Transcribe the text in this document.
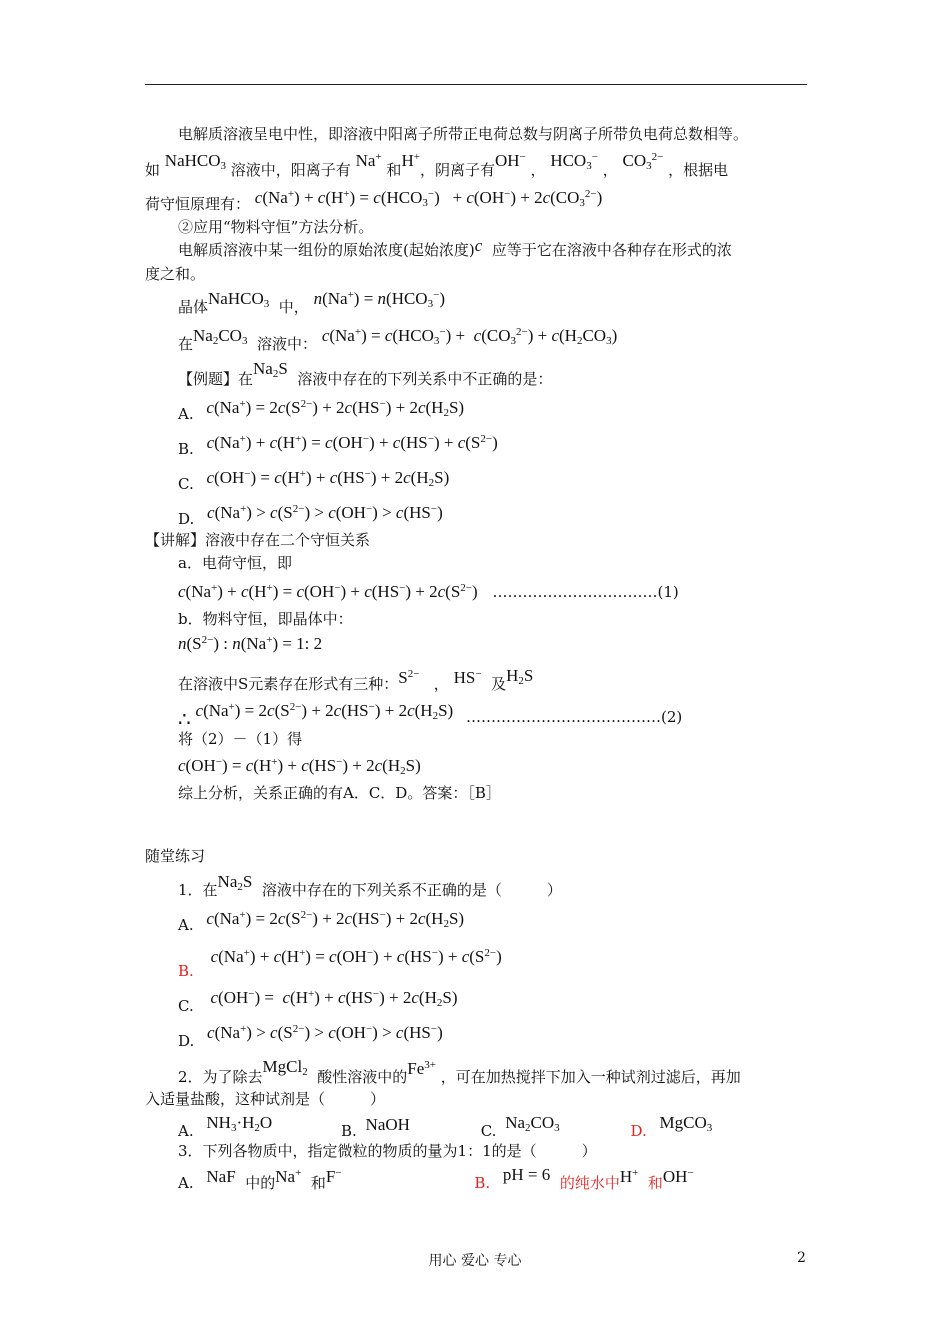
电解质溶液呈电中性，即溶液中阳离子所带正电荷总数与阴离子所带负电荷总数相等。
如 NaHCO$_3$ 溶液中，阳离子有 Na+ 和H+，阴离子有OH− ， $HCO_3^-$ ， $CO_3^{2-}$ ，根据电
荷守恒原理有： $c(Na^+) + c(H^+) = c(HCO_3^-) + c(OH^-) + 2c(CO_3^{2-})$
②应用“物料守恒”方法分析。
电解质溶液中某一组份的原始浓度(起始浓度)c 应等于它在溶液中各种存在形式的浓
度之和。
晶体NaHCO$_3$ 中， $n(Na^+) = n(HCO_3^-)$
在$Na_2CO_3$ 溶液中： $c(Na^+) = c(HCO_3^-) + c(CO_3^{2-}) + c(H_2CO_3)$
【例题】在$Na_2S$  溶液中存在的下列关系中不正确的是：
A. $c(Na^+) = 2c(S^{2-}) + 2c(HS^-) + 2c(H_2S)$
B. $c(Na^+) + c(H^+) = c(OH^-) + c(HS^-) + c(S^{2-})$
C. $c(OH^-) = c(H^+) + c(HS^-) + 2c(H_2S)$
D. $c(Na^+) > c(S^{2-}) > c(OH^-) > c(HS^-)$
【讲解】溶液中存在二个守恒关系
a．电荷守恒，即
$c(Na^+) + c(H^+) = c(OH^-) + c(HS^-) + 2c(S^{2-})$ ……………………………(1)
b．物料守恒，即晶体中：
$n(S^{2-})$ : n(Na+) = 1: 2
在溶液中S元素存在形式有三种：$S^{2-}$   ， HS−  及$H_2S$
∴ $c(Na^+) = 2c(S^{2-}) + 2c(HS^-) + 2c(H_2S)$ …………………………………(2)
将（2）－（1）得
$c(OH^-) = c(H^+) + c(HS^-) + 2c(H_2S)$
综上分析，关系正确的有A．C．D。答案：［B］
随堂练习
1．在$Na_2S$ 溶液中存在的下列关系不正确的是（　　　）
A. $c(Na^+) = 2c(S^{2-}) + 2c(HS^-) + 2c(H_2S)$
B. $c(Na^+) + c(H^+) = c(OH^-) + c(HS^-) + c(S^{2-})$
C. $c(OH^-) = c(H^+) + c(HS^-) + 2c(H_2S)$
D. $c(Na^+) > c(S^{2-}) > c(OH^-) > c(HS^-)$
2．为了除去MgCl$_2$ 酸性溶液中的$Fe^{3+}$ ，可在加热搅拌下加入一种试剂过滤后，再加
入适量盐酸，这种试剂是（　　　）
A. $NH_3\cdot H_2O$	B. NaOH	C. $Na_2CO_3$	D. MgCO$_3$
3．下列各物质中，指定微粒的物质的量为1：1的是（　　　）
A. NaF 中的Na+  和F− B. pH = 6 的纯水中H+  和OH−
用心 爱心 专心	2
